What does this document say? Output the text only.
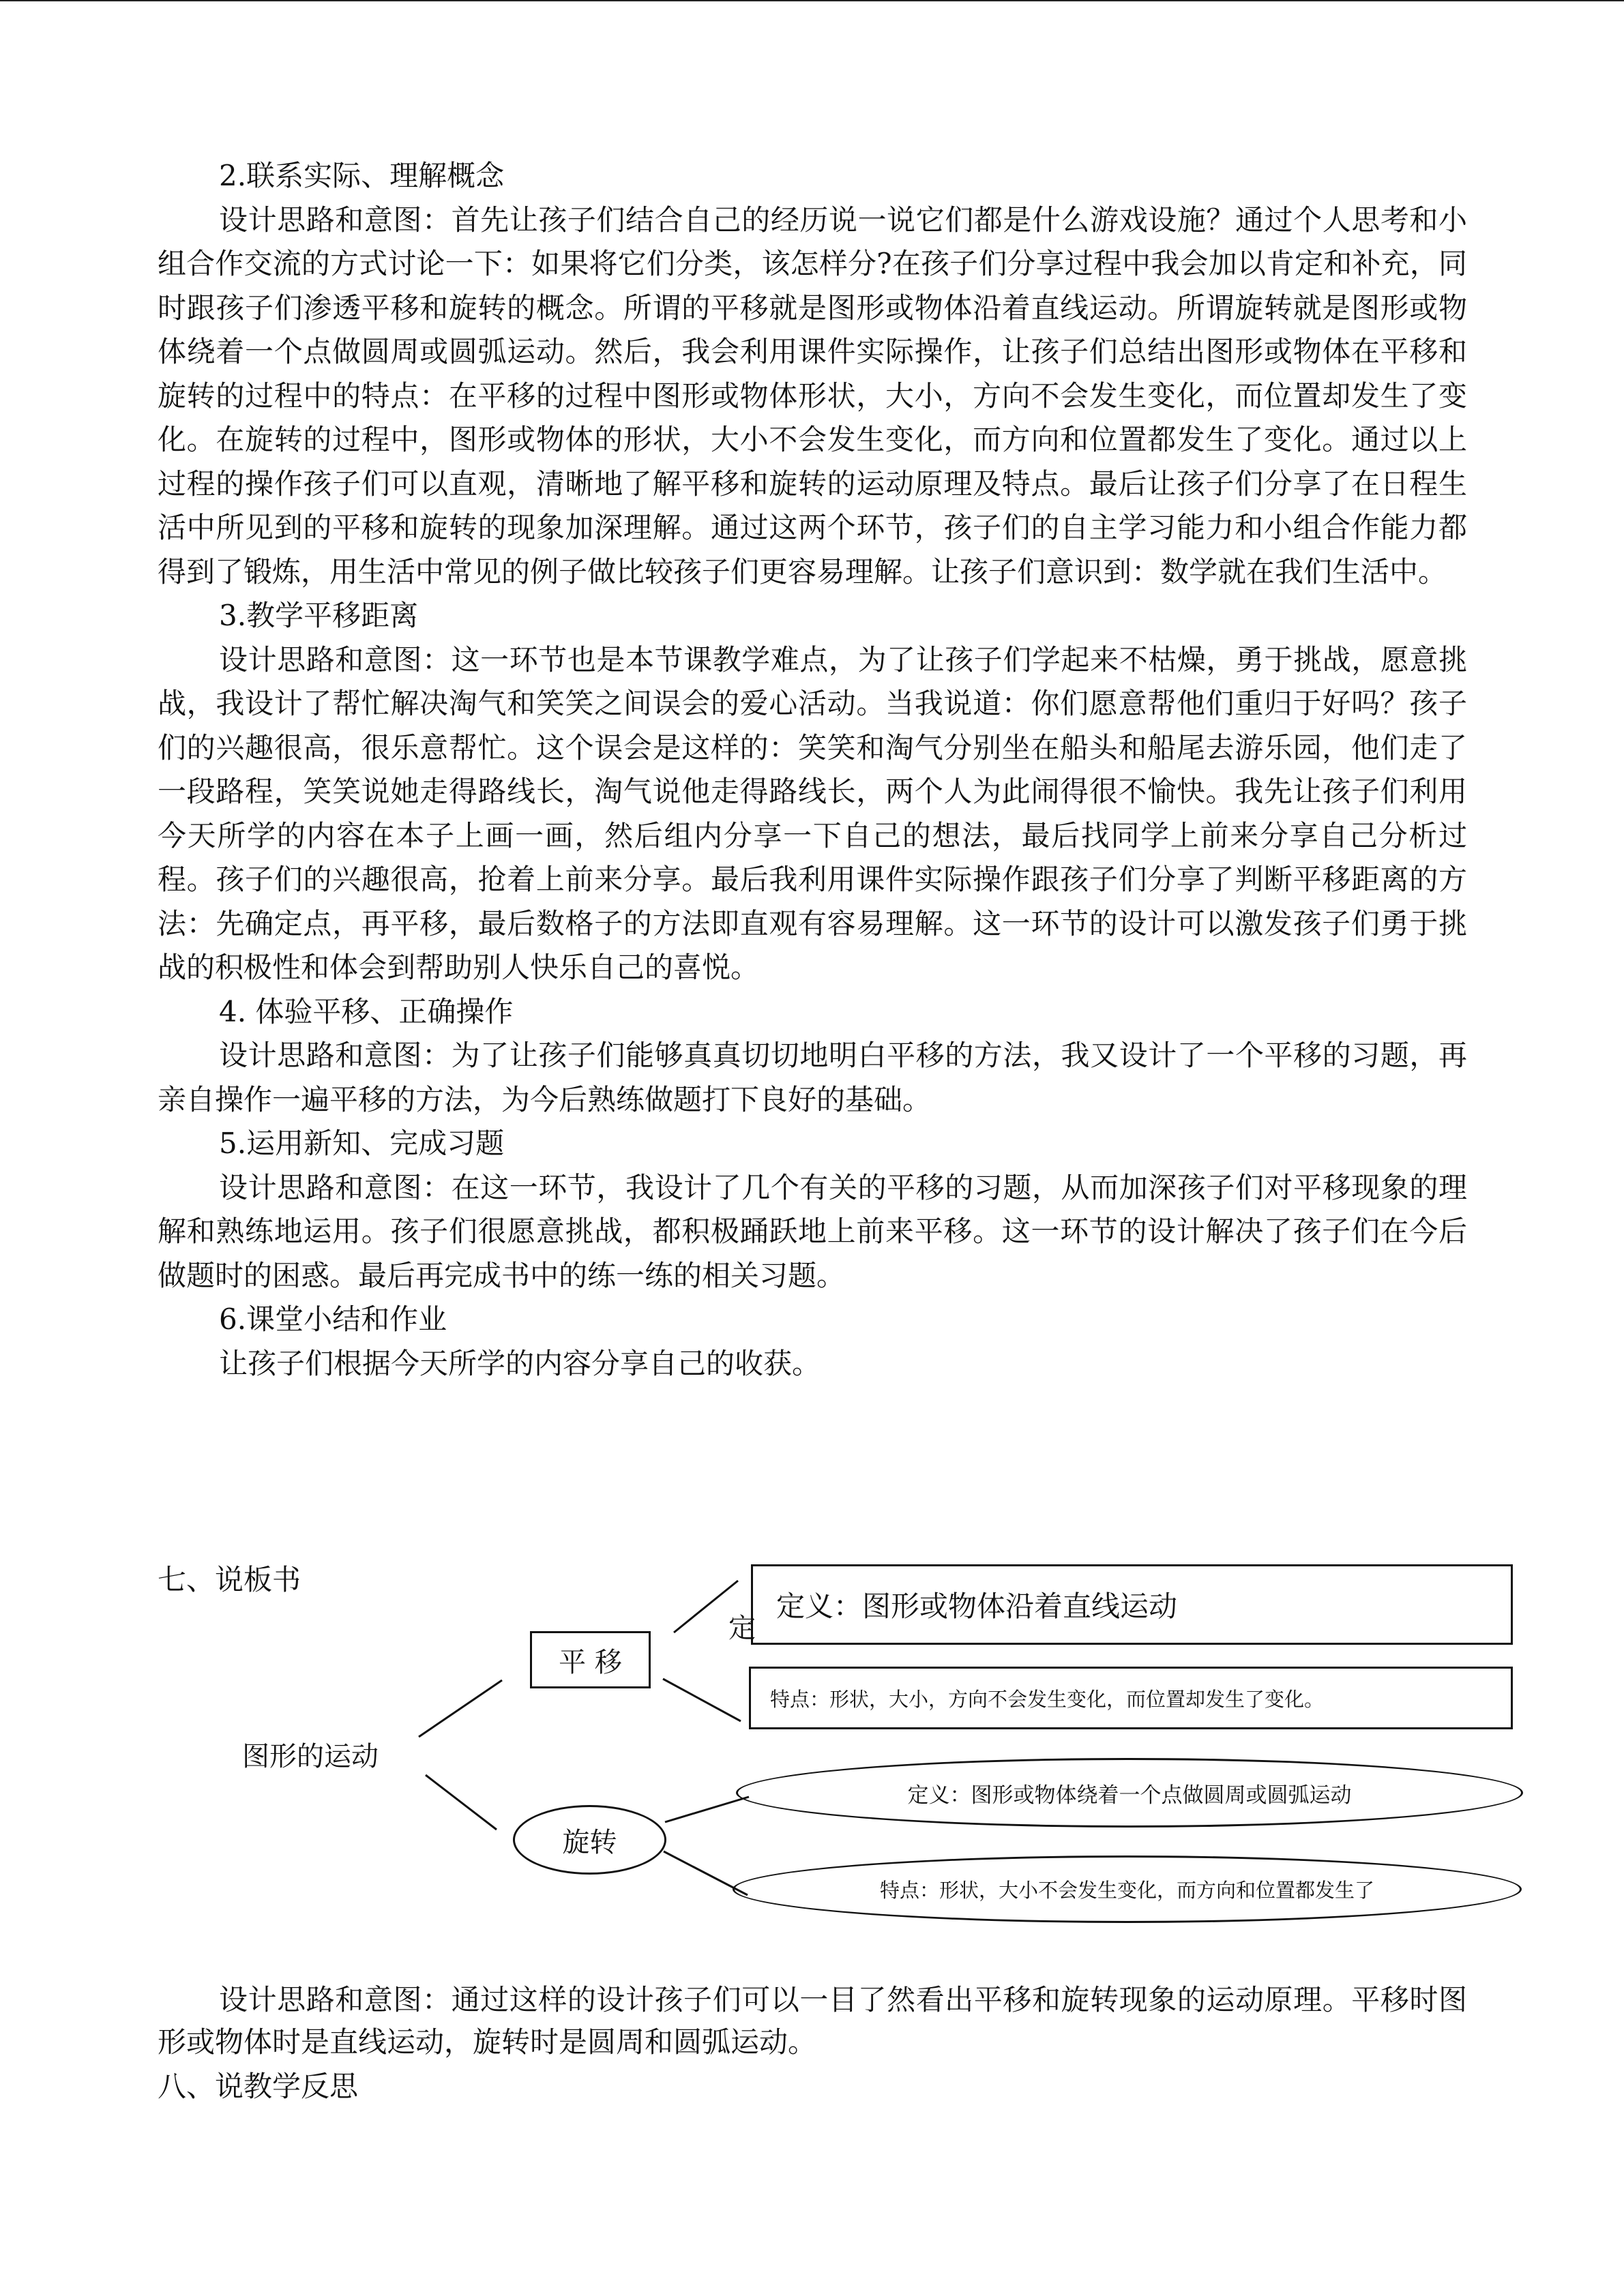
2.联系实际、理解概念

设计思路和意图：首先让孩子们结合自己的经历说一说它们都是什么游戏设施？通过个人思考和小组合作交流的方式讨论一下：如果将它们分类，该怎样分?在孩子们分享过程中我会加以肯定和补充，同时跟孩子们渗透平移和旋转的概念。所谓的平移就是图形或物体沿着直线运动。所谓旋转就是图形或物体绕着一个点做圆周或圆弧运动。然后，我会利用课件实际操作，让孩子们总结出图形或物体在平移和旋转的过程中的特点：在平移的过程中图形或物体形状，大小，方向不会发生变化，而位置却发生了变化。在旋转的过程中，图形或物体的形状，大小不会发生变化，而方向和位置都发生了变化。通过以上过程的操作孩子们可以直观，清晰地了解平移和旋转的运动原理及特点。最后让孩子们分享了在日程生活中所见到的平移和旋转的现象加深理解。通过这两个环节，孩子们的自主学习能力和小组合作能力都得到了锻炼，用生活中常见的例子做比较孩子们更容易理解。让孩子们意识到：数学就在我们生活中。

3.教学平移距离

设计思路和意图：这一环节也是本节课教学难点，为了让孩子们学起来不枯燥，勇于挑战，愿意挑战，我设计了帮忙解决淘气和笑笑之间误会的爱心活动。当我说道：你们愿意帮他们重归于好吗？孩子们的兴趣很高，很乐意帮忙。这个误会是这样的：笑笑和淘气分别坐在船头和船尾去游乐园，他们走了一段路程，笑笑说她走得路线长，淘气说他走得路线长，两个人为此闹得很不愉快。我先让孩子们利用今天所学的内容在本子上画一画，然后组内分享一下自己的想法，最后找同学上前来分享自己分析过程。孩子们的兴趣很高，抢着上前来分享。最后我利用课件实际操作跟孩子们分享了判断平移距离的方法：先确定点，再平移，最后数格子的方法即直观有容易理解。这一环节的设计可以激发孩子们勇于挑战的积极性和体会到帮助别人快乐自己的喜悦。

4. 体验平移、正确操作

设计思路和意图：为了让孩子们能够真真切切地明白平移的方法，我又设计了一个平移的习题，再亲自操作一遍平移的方法，为今后熟练做题打下良好的基础。

5.运用新知、完成习题

设计思路和意图：在这一环节，我设计了几个有关的平移的习题，从而加深孩子们对平移现象的理解和熟练地运用。孩子们很愿意挑战，都积极踊跃地上前来平移。这一环节的设计解决了孩子们在今后做题时的困惑。最后再完成书中的练一练的相关习题。

6.课堂小结和作业

让孩子们根据今天所学的内容分享自己的收获。

七、说板书

图形的运动
平 移
定
定义：图形或物体沿着直线运动
特点：形状，大小，方向不会发生变化，而位置却发生了变化。
旋转
定义：图形或物体绕着一个点做圆周或圆弧运动
特点：形状，大小不会发生变化，而方向和位置都发生了

设计思路和意图：通过这样的设计孩子们可以一目了然看出平移和旋转现象的运动原理。平移时图形或物体时是直线运动，旋转时是圆周和圆弧运动。

八、说教学反思
